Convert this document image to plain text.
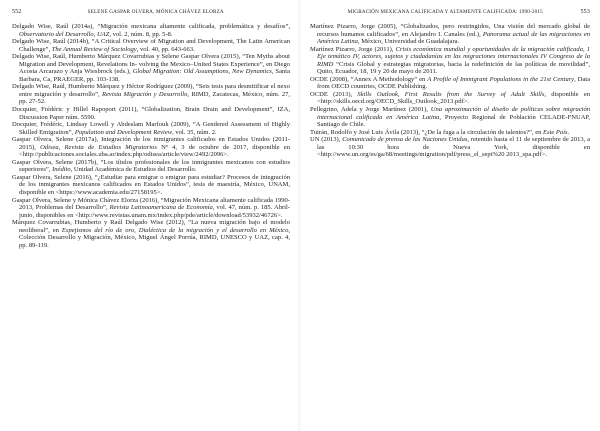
552	SELENE GASPAR OLVERA, MÓNICA CHÁVEZ ELORZA
Delgado Wise, Raúl (2014a), “Migración mexicana altamente calificada, problemática y desafíos”, Observatorio del Desarrollo, UAZ, vol. 2, núm. 8, pp. 5-8.
Delgado Wise, Raúl (2014b), “A Critical Overview of Migration and Development, The Latin American Challenge”, The Annual Review of Sociology, vol. 40, pp. 643-663.
Delgado Wise, Raúl, Humberto Márquez Covarrubias y Selene Gaspar Olvera (2015), “Ten Myths about Migration and Development, Revelations In- volving the Mexico–United States Experience”, en Diego Acosta Arcarazo y Anja Wiesbrock (eds.), Global Migration: Old Assumptions, New Dynamics, Santa Barbara, Ca, PRAEGER, pp. 103-138.
Delgado Wise, Raúl, Humberto Márquez y Héctor Rodríguez (2009), “Seis tesis para desmitificar el nexo entre migración y desarrollo”, Revista Migración y Desarrollo, RIMD, Zacatecas, México, núm. 27, pp. 27-52.
Docquier, Frédéric y Hillel Rapoport (2011), “Globalization, Brain Drain and Development”, IZA, Discussion Paper núm. 5590.
Docquier, Frédéric, Lindsay Lowell y Abdeslam Marfouk (2009), “A Gendered Assessment of Highly Skilled Emigration”, Population and Development Review, vol. 35, núm. 2.
Gaspar Olvera, Selene (2017a), Integración de los inmigrantes calificados en Estados Unidos (2011-2015), Odisea, Revista de Estudios Migratorios Nº 4, 3 de octubre de 2017, disponible en <http://publicaciones.sociales.uba.ar/index.php/odisea/article/view/2492/2096>.
Gaspar Olvera, Selene (2017b), “Los títulos profesionales de los inmigrantes mexicanos con estudios superiores”, Inédito, Unidad Académica de Estudios del Desarrollo.
Gaspar Olvera, Selene (2016), “¿Estudiar para emigrar o emigrar para estudiar? Procesos de integración de los inmigrantes mexicanos calificados en Estados Unidos”, tesis de maestría, México, UNAM, disponible en <https://www.academia.edu/27158195>.
Gaspar Olvera, Selene y Mónica Chávez Elorza (2016), “Migración Mexicana altamente calificada 1990-2013, Problemas del Desarrollo”, Revista Latinoamericana de Economía, vol. 47, núm. p. 185. Abril-junio, disponibles en <http://www.revistas.unam.mx/index.php/pde/article/download/53932/46726>.
Márquez Covarrubias, Humberto y Raúl Delgado Wise (2012), “La nueva migración bajo el modelo neoliberal”, en Espejismos del río de oro, Dialéctica de la migración y el desarrollo en México, Colección Desarrollo y Migración, México, Miguel Ángel Porrúa, RIMD, UNESCO y UAZ, cap. 4, pp. 89-119.
MIGRACIÓN MEXICANA CALIFICADA Y ALTAMENTE CALIFICADA: 1990-2015	553
Martínez Pizarro, Jorge (2005), “Globalizados, pero restringidos, Una visión del mercado global de recursos humanos calificados”, en Alejandro I. Canales (ed.), Panorama actual de las migraciones en América Latina, México, Universidad de Guadalajara.
Martínez Pizarro, Jorge (2011), Crisis económica mundial y oportunidades de la migración calificada, 1 Eje temático IV, actores, sujetos y ciudadanías en las migraciones internacionales IV Congreso de la RIMD “Crisis Global y estrategias migratorias, hacia la redefinición de las políticas de movilidad”, Quito, Ecuador, 18, 19 y 20 de mayo de 2011.
OCDE (2008), “Annex A Methodology” en A Profile of Immigrant Populations in the 21st Century, Data from OECD countries, OCDE Publishing.
OCDE (2013), Skills Outlook, First Results from the Survey of Adult Skills, disponible en <http://skills.oecd.org/OECD_Skills_Outlook_2013.pdf>.
Pellegrino, Adela y Jorge Martínez (2001), Una aproximación al diseño de políticas sobre migración internacional calificada en América Latina, Proyecto Regional de Población CELADE-FNUAP, Santiago de Chile.
Tuirán, Rodolfo y José Luis Ávila (2013), “¿De la fuga a la circulación de talentos?”, en Este País.
UN (2013), Comunicado de prensa de las Naciones Unidas, retenido hasta el 11 de septiembre de 2013, a las 10:30 hora de Nueva York, disponible en <http://www.un.org/es/ga/68/meetings/migration/pdf/press_el_sept%20 2013_spa.pdf>.
